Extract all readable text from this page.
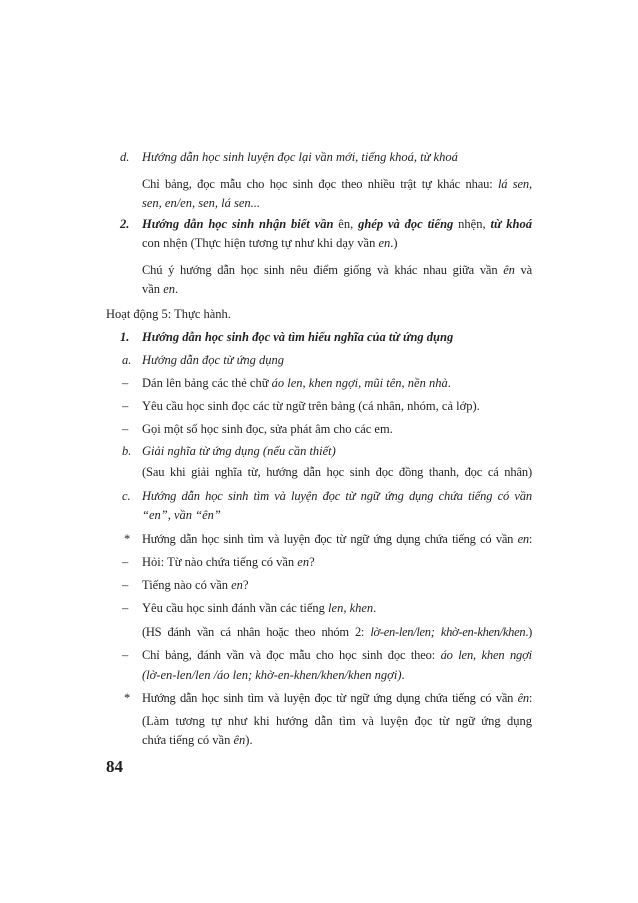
d. Hướng dẫn học sinh luyện đọc lại vần mới, tiếng khoá, từ khoá
Chỉ bảng, đọc mẫu cho học sinh đọc theo nhiều trật tự khác nhau: lá sen,
sen, en/en, sen, lá sen...
2. Hướng dẫn học sinh nhận biết vần ên, ghép và đọc tiếng nhện, từ khoá
con nhện (Thực hiện tương tự như khi dạy vần en.)
Chú ý hướng dẫn học sinh nêu điểm giống và khác nhau giữa vần ên và
vần en.
Hoạt động 5: Thực hành.
1. Hướng dẫn học sinh đọc và tìm hiểu nghĩa của từ ứng dụng
a. Hướng dẫn đọc từ ứng dụng
– Dán lên bảng các thẻ chữ áo len, khen ngợi, mũi tên, nền nhà.
– Yêu cầu học sinh đọc các từ ngữ trên bảng (cá nhân, nhóm, cả lớp).
– Gọi một số học sinh đọc, sửa phát âm cho các em.
b. Giải nghĩa từ ứng dụng (nếu cần thiết)
(Sau khi giải nghĩa từ, hướng dẫn học sinh đọc đồng thanh, đọc cá nhân)
c. Hướng dẫn học sinh tìm và luyện đọc từ ngữ ứng dụng chứa tiếng có vần
“en”, vần “ên”
* Hướng dẫn học sinh tìm và luyện đọc từ ngữ ứng dụng chứa tiếng có vần en:
– Hỏi: Từ nào chứa tiếng có vần en?
– Tiếng nào có vần en?
– Yêu cầu học sinh đánh vần các tiếng len, khen.
(HS đánh vần cá nhân hoặc theo nhóm 2: lờ-en-len/len; khờ-en-khen/khen.)
– Chỉ bảng, đánh vần và đọc mẫu cho học sinh đọc theo: áo len, khen ngợi
(lờ-en-len/len /áo len; khờ-en-khen/khen/khen ngợi).
* Hướng dẫn học sinh tìm và luyện đọc từ ngữ ứng dụng chứa tiếng có vần ên:
(Làm tương tự như khi hướng dẫn tìm và luyện đọc từ ngữ ứng dụng
chứa tiếng có vần ên).
84
